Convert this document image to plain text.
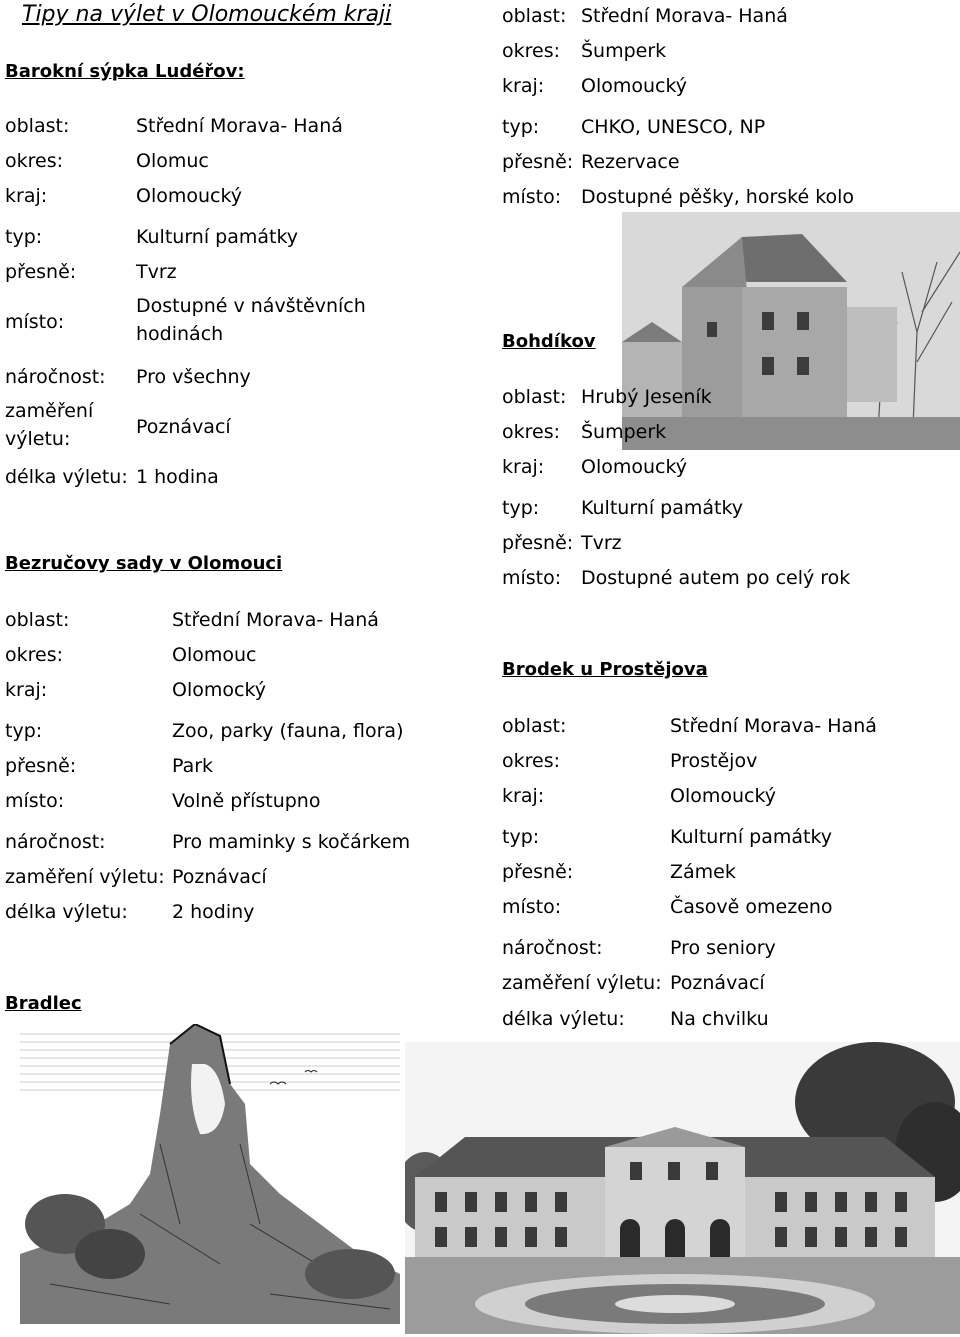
Tipy na výlet v Olomouckém kraji
Barokní sýpka Ludéřov:
oblast:	Střední Morava- Haná
okres:	Olomuc
kraj:	Olomoucký
typ:	Kulturní památky
přesně:	Tvrz
místo:
Dostupné v návštěvních hodinách
náročnost: Pro všechny
zaměření výletu:
Poznávací
délka výletu: 1 hodina
Bezručovy sady v Olomouci
oblast:	Střední Morava- Haná
okres:	Olomouc
kraj:	Olomocký
typ:	Zoo, parky (fauna, flora)
přesně:	Park
místo:	Volně přístupno
náročnost:	Pro maminky s kočárkem
zaměření výletu: Poznávací
délka výletu: 2 hodiny
Bradlec
oblast: Střední Morava- Haná
okres: Šumperk
kraj: Olomoucký
typ: CHKO, UNESCO, NP
přesně: Rezervace
místo: Dostupné pěšky, horské kolo
Bohdíkov
oblast: Hrubý Jeseník
okres: Šumperk
kraj: Olomoucký
typ: Kulturní památky
přesně: Tvrz
místo: Dostupné autem po celý rok
Brodek u Prostějova
oblast:	Střední Morava- Haná
okres:	Prostějov
kraj:	Olomoucký
typ:	Kulturní památky
přesně:	Zámek
místo:	Časově omezeno
náročnost:	Pro seniory
zaměření výletu: Poznávací
délka výletu: Na chvilku
